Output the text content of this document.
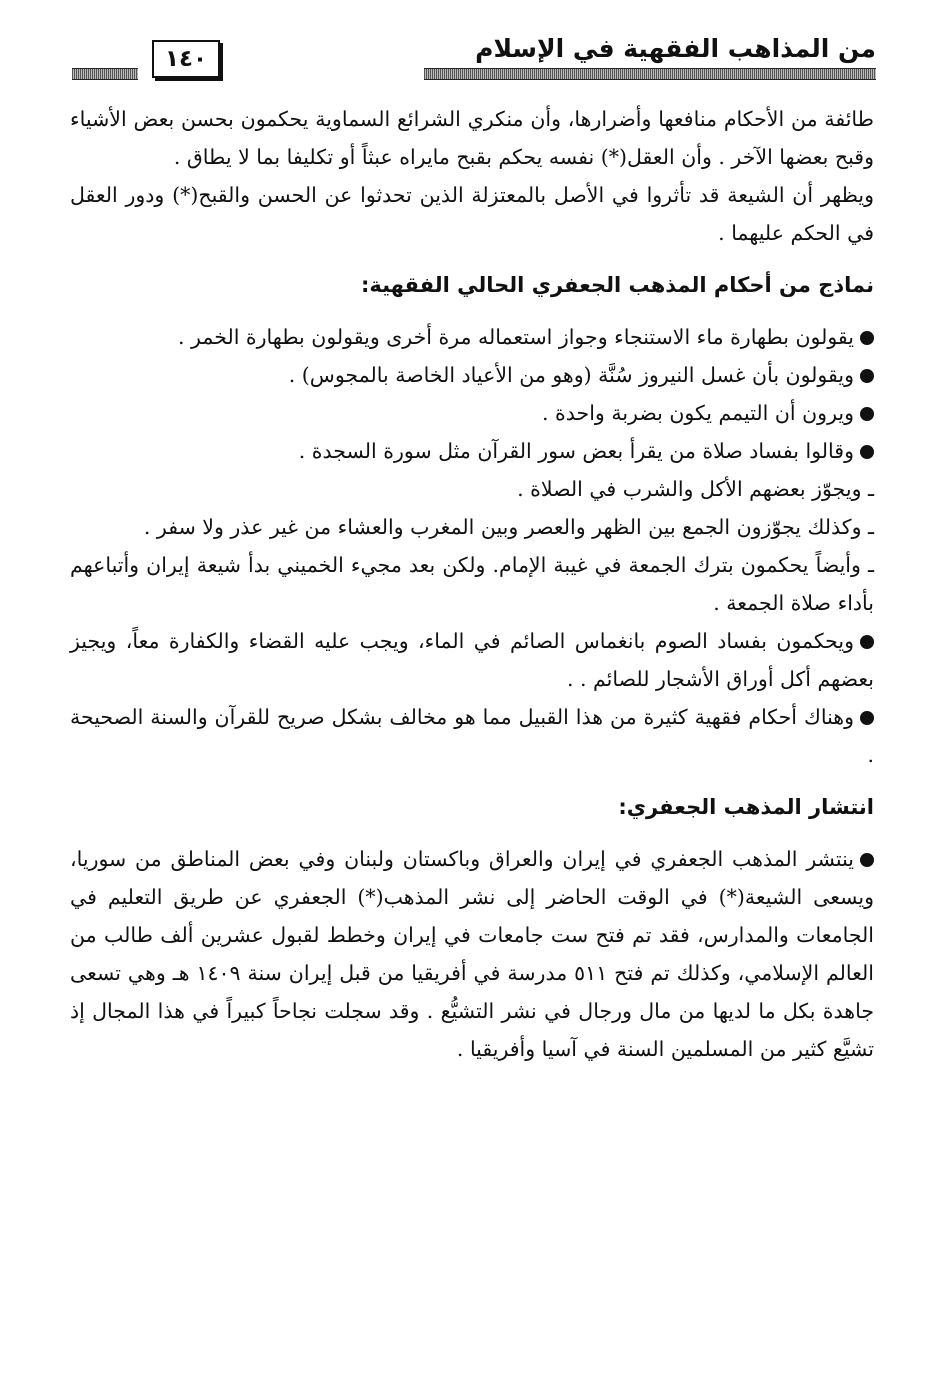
من المذاهب الفقهية في الإسلام
١٤٠

طائفة من الأحكام منافعها وأضرارها، وأن منكري الشرائع السماوية يحكمون بحسن بعض الأشياء وقبح بعضها الآخر . وأن العقل(*) نفسه يحكم بقبح مايراه عبثاً أو تكليفا بما لا يطاق .

ويظهر أن الشيعة قد تأثروا في الأصل بالمعتزلة الذين تحدثوا عن الحسن والقبح(*) ودور العقل في الحكم عليهما .

نماذج من أحكام المذهب الجعفري الحالي الفقهية:

يقولون بطهارة ماء الاستنجاء وجواز استعماله مرة أخرى ويقولون بطهارة الخمر .

ويقولون بأن غسل النيروز سُنَّة (وهو من الأعياد الخاصة بالمجوس) .

ويرون أن التيمم يكون بضربة واحدة .

وقالوا بفساد صلاة من يقرأ بعض سور القرآن مثل سورة السجدة .

ـ ويجوّز بعضهم الأكل والشرب في الصلاة .

ـ وكذلك يجوّزون الجمع بين الظهر والعصر وبين المغرب والعشاء من غير عذر ولا سفر .

ـ وأيضاً يحكمون بترك الجمعة في غيبة الإمام. ولكن بعد مجيء الخميني بدأ شيعة إيران وأتباعهم بأداء صلاة الجمعة .

ويحكمون بفساد الصوم بانغماس الصائم في الماء، ويجب عليه القضاء والكفارة معاً، ويجيز بعضهم أكل أوراق الأشجار للصائم . .

وهناك أحكام فقهية كثيرة من هذا القبيل مما هو مخالف بشكل صريح للقرآن والسنة الصحيحة .

انتشار المذهب الجعفري:

ينتشر المذهب الجعفري في إيران والعراق وباكستان ولبنان وفي بعض المناطق من سوريا، ويسعى الشيعة(*) في الوقت الحاضر إلى نشر المذهب(*) الجعفري عن طريق التعليم في الجامعات والمدارس، فقد تم فتح ست جامعات في إيران وخطط لقبول عشرين ألف طالب من العالم الإسلامي، وكذلك تم فتح ٥١١ مدرسة في أفريقيا من قبل إيران سنة ١٤٠٩ هـ وهي تسعى جاهدة بكل ما لديها من مال ورجال في نشر التشيُّع . وقد سجلت نجاحاً كبيراً في هذا المجال إذ تشيَّع كثير من المسلمين السنة في آسيا وأفريقيا .
